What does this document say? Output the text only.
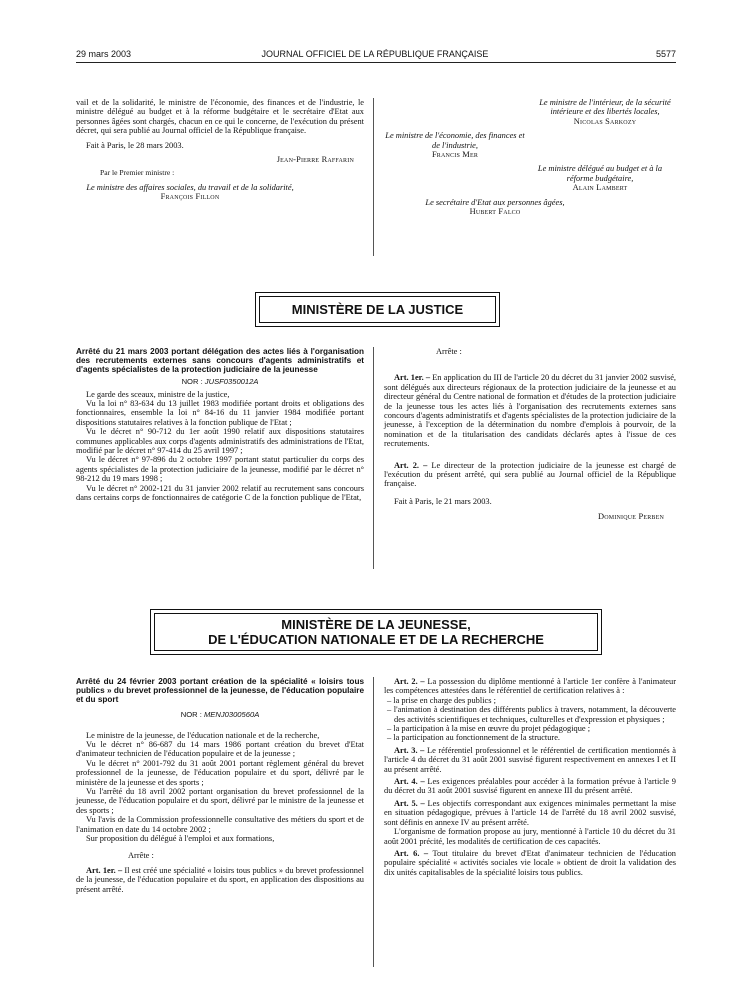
29 mars 2003	JOURNAL OFFICIEL DE LA RÉPUBLIQUE FRANÇAISE	5577

vail et de la solidarité, le ministre de l'économie, des finances et de l'industrie, le ministre délégué au budget et à la réforme budgétaire et le secrétaire d'Etat aux personnes âgées sont chargés, chacun en ce qui le concerne, de l'exécution du présent décret, qui sera publié au Journal officiel de la République française.

Fait à Paris, le 28 mars 2003.

Jean-Pierre Raffarin

Par le Premier ministre :

Le ministre des affaires sociales, du travail et de la solidarité,

François Fillon

Le ministre de l'intérieur, de la sécurité intérieure et des libertés locales,

Nicolas Sarkozy

Le ministre de l'économie, des finances et de l'industrie,

Francis Mer

Le ministre délégué au budget et à la réforme budgétaire,

Alain Lambert

Le secrétaire d'Etat aux personnes âgées,

Hubert Falco

MINISTÈRE DE LA JUSTICE

Arrêté du 21 mars 2003 portant délégation des actes liés à l'organisation des recrutements externes sans concours d'agents administratifs et d'agents spécialistes de la protection judiciaire de la jeunesse

NOR : JUSF0350012A

Le garde des sceaux, ministre de la justice,

Vu la loi n° 83-634 du 13 juillet 1983 modifiée portant droits et obligations des fonctionnaires, ensemble la loi n° 84-16 du 11 janvier 1984 modifiée portant dispositions statutaires relatives à la fonction publique de l'Etat ;

Vu le décret n° 90-712 du 1er août 1990 relatif aux dispositions statutaires communes applicables aux corps d'agents administratifs des administrations de l'Etat, modifié par le décret n° 97-414 du 25 avril 1997 ;

Vu le décret n° 97-896 du 2 octobre 1997 portant statut particulier du corps des agents spécialistes de la protection judiciaire de la jeunesse, modifié par le décret n° 98-212 du 19 mars 1998 ;

Vu le décret n° 2002-121 du 31 janvier 2002 relatif au recrutement sans concours dans certains corps de fonctionnaires de catégorie C de la fonction publique de l'Etat,

Arrête :

Art. 1er. – En application du III de l'article 20 du décret du 31 janvier 2002 susvisé, sont délégués aux directeurs régionaux de la protection judiciaire de la jeunesse et au directeur général du Centre national de formation et d'études de la protection judiciaire de la jeunesse tous les actes liés à l'organisation des recrutements externes sans concours d'agents administratifs et d'agents spécialistes de la protection judiciaire de la jeunesse, à l'exception de la détermination du nombre d'emplois à pourvoir, de la nomination et de la titularisation des candidats déclarés aptes à l'issue de ces recrutements.

Art. 2. – Le directeur de la protection judiciaire de la jeunesse est chargé de l'exécution du présent arrêté, qui sera publié au Journal officiel de la République française.

Fait à Paris, le 21 mars 2003.

Dominique Perben

MINISTÈRE DE LA JEUNESSE,
DE L'ÉDUCATION NATIONALE ET DE LA RECHERCHE

Arrêté du 24 février 2003 portant création de la spécialité « loisirs tous publics » du brevet professionnel de la jeunesse, de l'éducation populaire et du sport

NOR : MENJ0300560A

Le ministre de la jeunesse, de l'éducation nationale et de la recherche,

Vu le décret n° 86-687 du 14 mars 1986 portant création du brevet d'Etat d'animateur technicien de l'éducation populaire et de la jeunesse ;

Vu le décret n° 2001-792 du 31 août 2001 portant règlement général du brevet professionnel de la jeunesse, de l'éducation populaire et du sport, délivré par le ministère de la jeunesse et des sports ;

Vu l'arrêté du 18 avril 2002 portant organisation du brevet professionnel de la jeunesse, de l'éducation populaire et du sport, délivré par le ministre de la jeunesse et des sports ;

Vu l'avis de la Commission professionnelle consultative des métiers du sport et de l'animation en date du 14 octobre 2002 ;

Sur proposition du délégué à l'emploi et aux formations,

Arrête :

Art. 1er. – Il est créé une spécialité « loisirs tous publics » du brevet professionnel de la jeunesse, de l'éducation populaire et du sport, en application des dispositions au présent arrêté.

Art. 2. – La possession du diplôme mentionné à l'article 1er confère à l'animateur les compétences attestées dans le référentiel de certification relatives à :

– la prise en charge des publics ;
– l'animation à destination des différents publics à travers, notamment, la découverte des activités scientifiques et techniques, culturelles et d'expression et physiques ;
– la participation à la mise en œuvre du projet pédagogique ;
– la participation au fonctionnement de la structure.

Art. 3. – Le référentiel professionnel et le référentiel de certification mentionnés à l'article 4 du décret du 31 août 2001 susvisé figurent respectivement en annexes I et II au présent arrêté.

Art. 4. – Les exigences préalables pour accéder à la formation prévue à l'article 9 du décret du 31 août 2001 susvisé figurent en annexe III du présent arrêté.

Art. 5. – Les objectifs correspondant aux exigences minimales permettant la mise en situation pédagogique, prévues à l'article 14 de l'arrêté du 18 avril 2002 susvisé, sont définis en annexe IV au présent arrêté.

L'organisme de formation propose au jury, mentionné à l'article 10 du décret du 31 août 2001 précité, les modalités de certification de ces capacités.

Art. 6. – Tout titulaire du brevet d'Etat d'animateur technicien de l'éducation populaire spécialité « activités sociales vie locale » obtient de droit la validation des dix unités capitalisables de la spécialité loisirs tous publics.
